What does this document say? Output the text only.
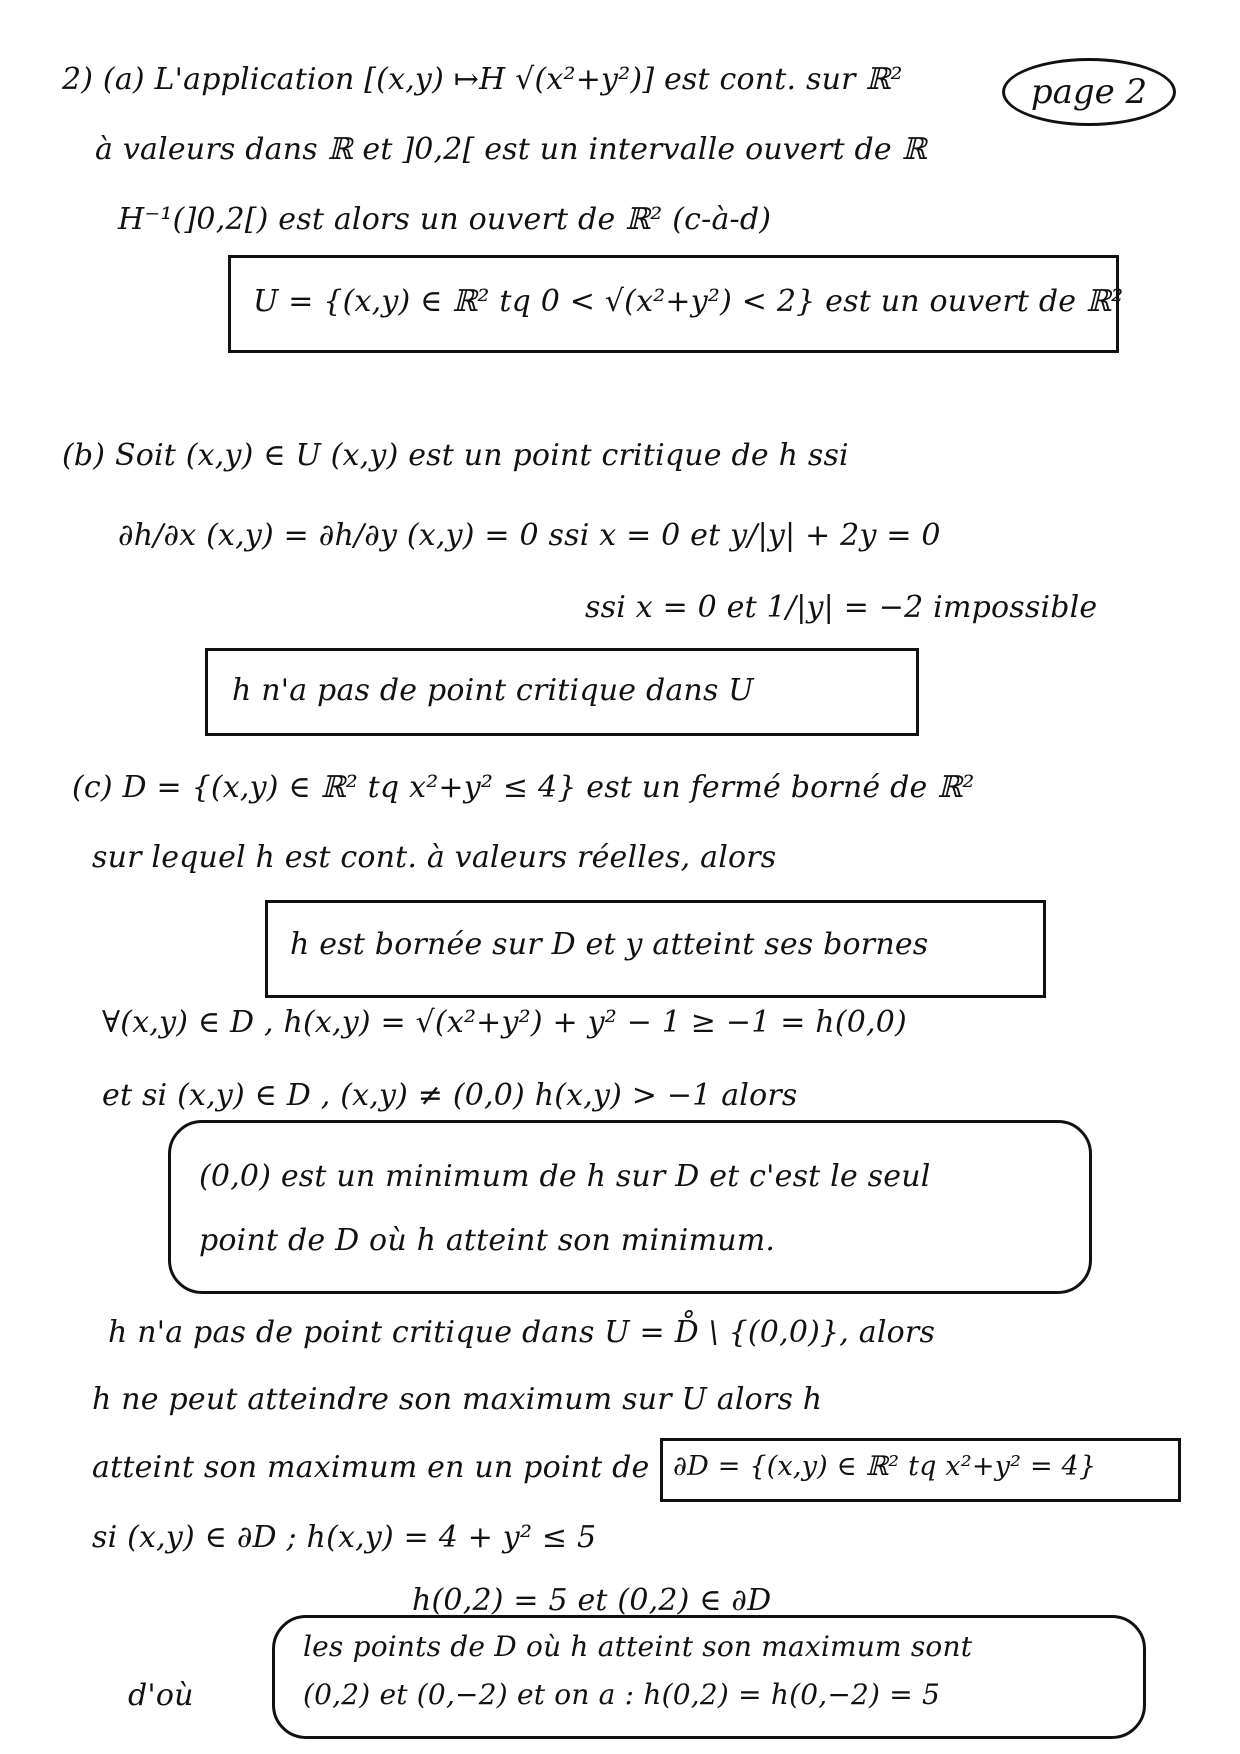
page 2
2) (a) L'application [(x,y) ↦H √(x²+y²)] est cont. sur ℝ²
à valeurs dans ℝ et ]0,2[ est un intervalle ouvert de ℝ
H⁻¹(]0,2[) est alors un ouvert de ℝ² (c-à-d)
U = {(x,y) ∈ ℝ² tq 0 < √(x²+y²) < 2} est un ouvert de ℝ²
(b) Soit (x,y) ∈ U (x,y) est un point critique de h ssi
∂h/∂x (x,y) = ∂h/∂y (x,y) = 0 ssi x = 0 et y/|y| + 2y = 0
ssi x = 0 et 1/|y| = −2 impossible
h n'a pas de point critique dans U
(c) D = {(x,y) ∈ ℝ² tq x²+y² ≤ 4} est un fermé borné de ℝ²
sur lequel h est cont. à valeurs réelles, alors
h est bornée sur D et y atteint ses bornes
∀(x,y) ∈ D , h(x,y) = √(x²+y²) + y² − 1 ≥ −1 = h(0,0)
et si (x,y) ∈ D , (x,y) ≠ (0,0) h(x,y) > −1 alors
(0,0) est un minimum de h sur D et c'est le seul
point de D où h atteint son minimum.
h n'a pas de point critique dans U = D̊ \ {(0,0)}, alors
h ne peut atteindre son maximum sur U alors h
atteint son maximum en un point de ∂D = {(x,y) ∈ ℝ² tq x²+y² = 4}
si (x,y) ∈ ∂D ; h(x,y) = 4 + y² ≤ 5
h(0,2) = 5 et (0,2) ∈ ∂D
d'où
les points de D où h atteint son maximum sont
(0,2) et (0,−2) et on a : h(0,2) = h(0,−2) = 5
